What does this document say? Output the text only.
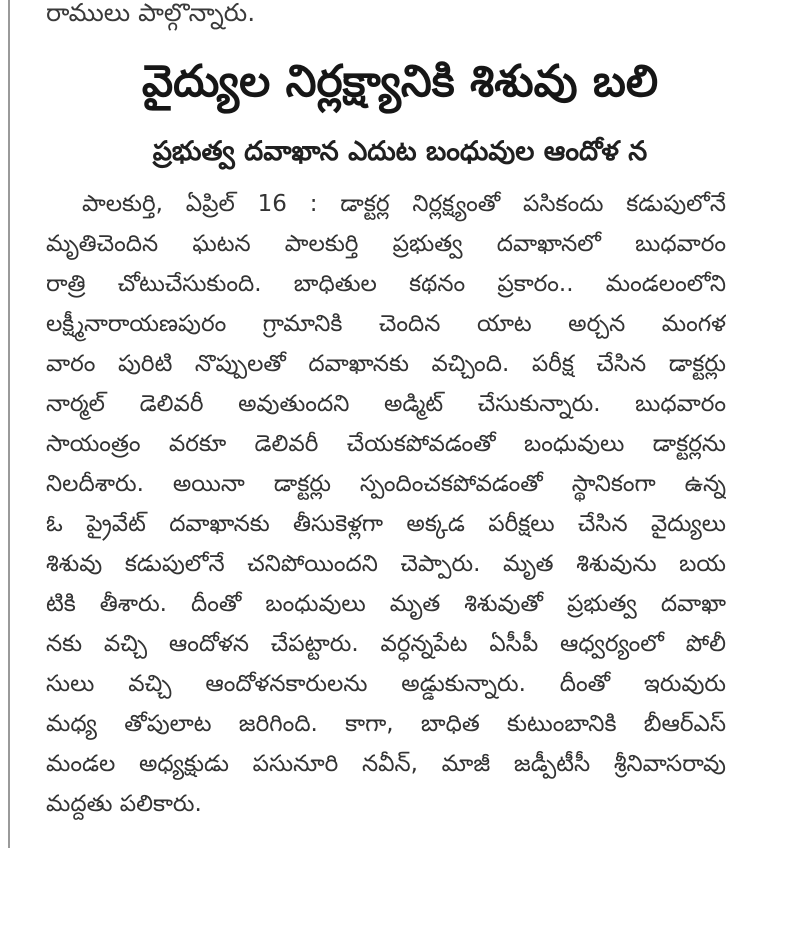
రాములు పాల్గొన్నారు.
వైద్యుల నిర్లక్ష్యానికి శిశువు బలి
ప్రభుత్వ దవాఖాన ఎదుట బంధువుల ఆందోళ న
పాలకుర్తి, ఏప్రిల్ 16 : డాక్టర్ల నిర్లక్ష్యంతో పసికందు కడుపులోనే
మృతిచెందిన ఘటన పాలకుర్తి ప్రభుత్వ దవాఖానలో బుధవారం
రాత్రి చోటుచేసుకుంది. బాధితుల కథనం ప్రకారం.. మండలంలోని
లక్ష్మీనారాయణపురం గ్రామానికి చెందిన యాట అర్చన మంగళ
వారం పురిటి నొప్పులతో దవాఖానకు వచ్చింది. పరీక్ష చేసిన డాక్టర్లు
నార్మల్ డెలివరీ అవుతుందని అడ్మిట్ చేసుకున్నారు. బుధవారం
సాయంత్రం వరకూ డెలివరీ చేయకపోవడంతో బంధువులు డాక్టర్లను
నిలదీశారు. అయినా డాక్టర్లు స్పందించకపోవడంతో స్థానికంగా ఉన్న
ఓ ప్రైవేట్ దవాఖానకు తీసుకెళ్లగా అక్కడ పరీక్షలు చేసిన వైద్యులు
శిశువు కడుపులోనే చనిపోయిందని చెప్పారు. మృత శిశువును బయ
టికి తీశారు. దీంతో బంధువులు మృత శిశువుతో ప్రభుత్వ దవాఖా
నకు వచ్చి ఆందోళన చేపట్టారు. వర్ధన్నపేట ఏసీపీ ఆధ్వర్యంలో పోలీ
సులు వచ్చి ఆందోళనకారులను అడ్డుకున్నారు. దీంతో ఇరువురు
మధ్య తోపులాట జరిగింది. కాగా, బాధిత కుటుంబానికి బీఆర్ఎస్
మండల అధ్యక్షుడు పసునూరి నవీన్, మాజీ జడ్పీటీసీ శ్రీనివాసరావు
మద్దతు పలికారు.
